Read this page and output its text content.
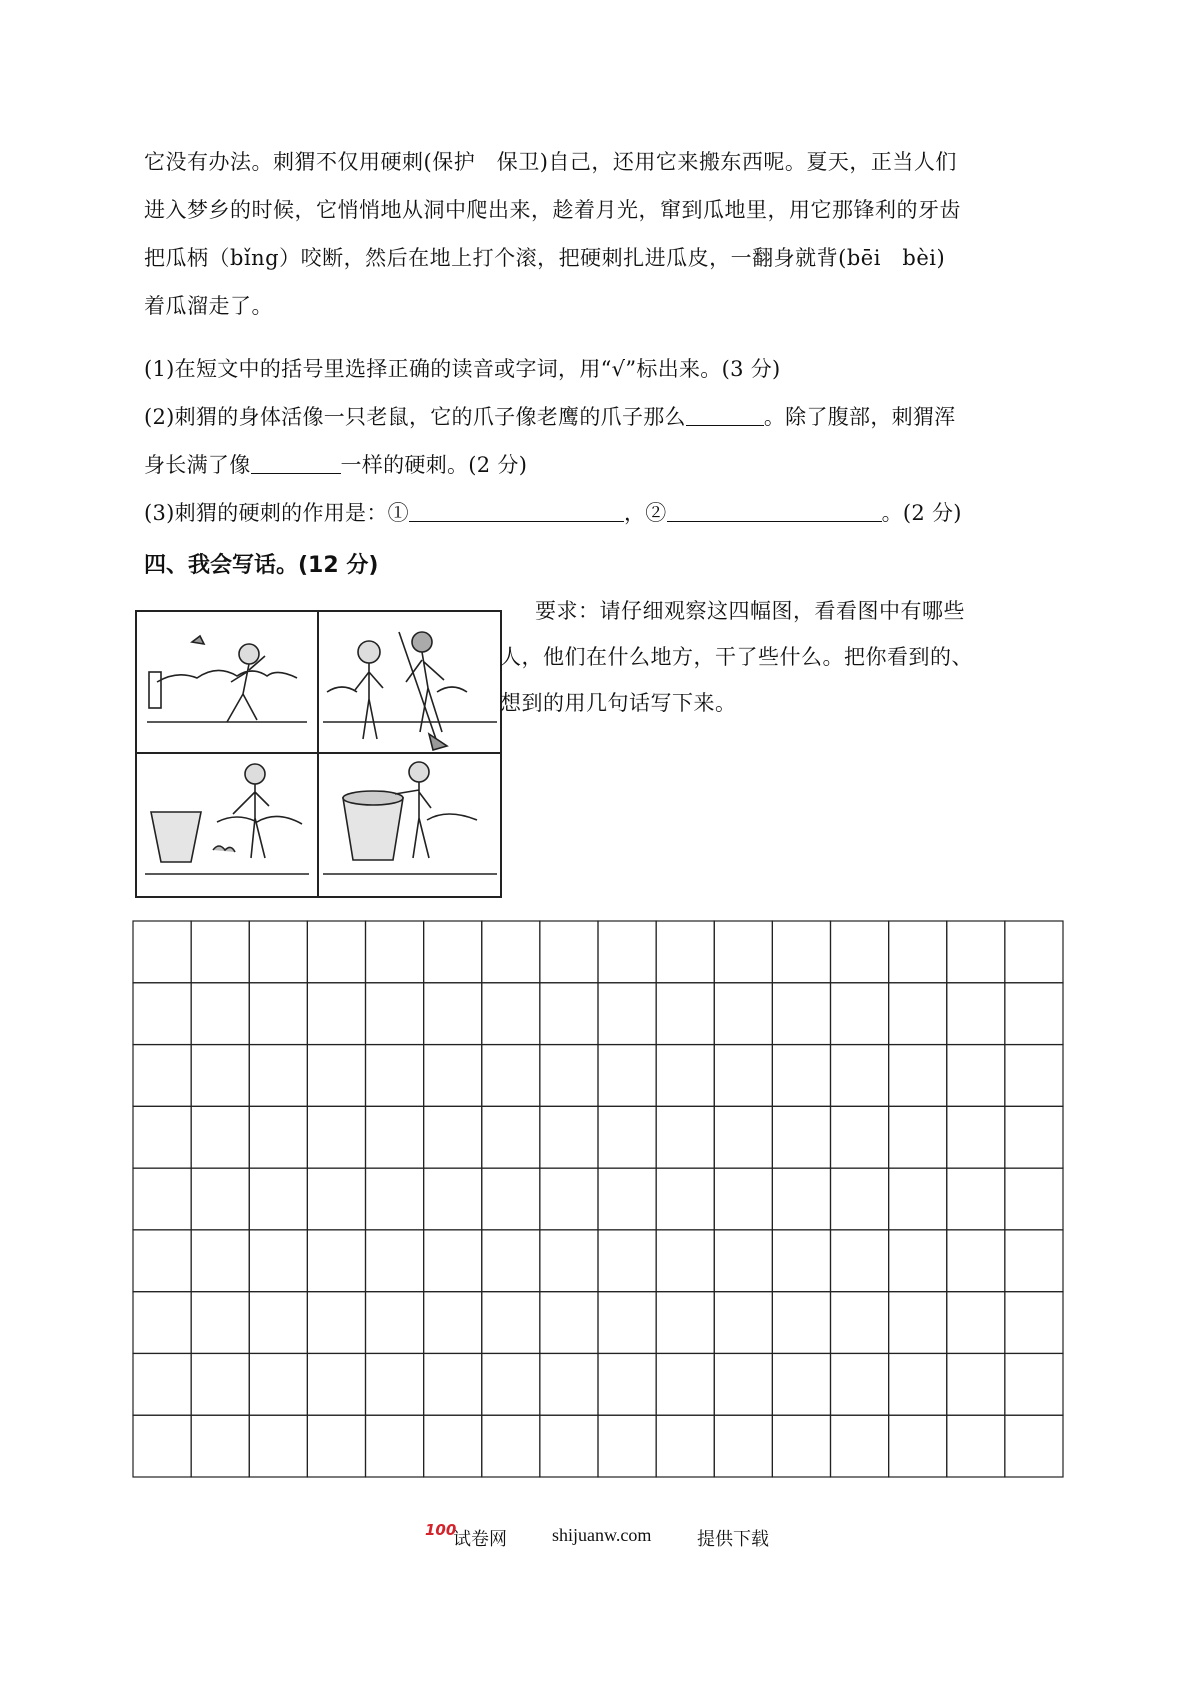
它没有办法。刺猬不仅用硬刺(保护　保卫)自己，还用它来搬东西呢。夏天，正当人们
进入梦乡的时候，它悄悄地从洞中爬出来，趁着月光，窜到瓜地里，用它那锋利的牙齿
把瓜柄（bǐng）咬断，然后在地上打个滚，把硬刺扎进瓜皮，一翻身就背(bēi　bèi)
着瓜溜走了。
(1)在短文中的括号里选择正确的读音或字词，用“√”标出来。(3 分)
(2)刺猬的身体活像一只老鼠，它的爪子像老鹰的爪子那么	。除了腹部，刺猬浑
身长满了像	一样的硬刺。(2 分)
(3)刺猬的硬刺的作用是：①	，②	。(2 分)
四、我会写话。(12 分)
要求：请仔细观察这四幅图，看看图中有哪些
人，他们在什么地方，干了些什么。把你看到的、
想到的用几句话写下来。
100
试卷网	shijuanw.com	提供下载
